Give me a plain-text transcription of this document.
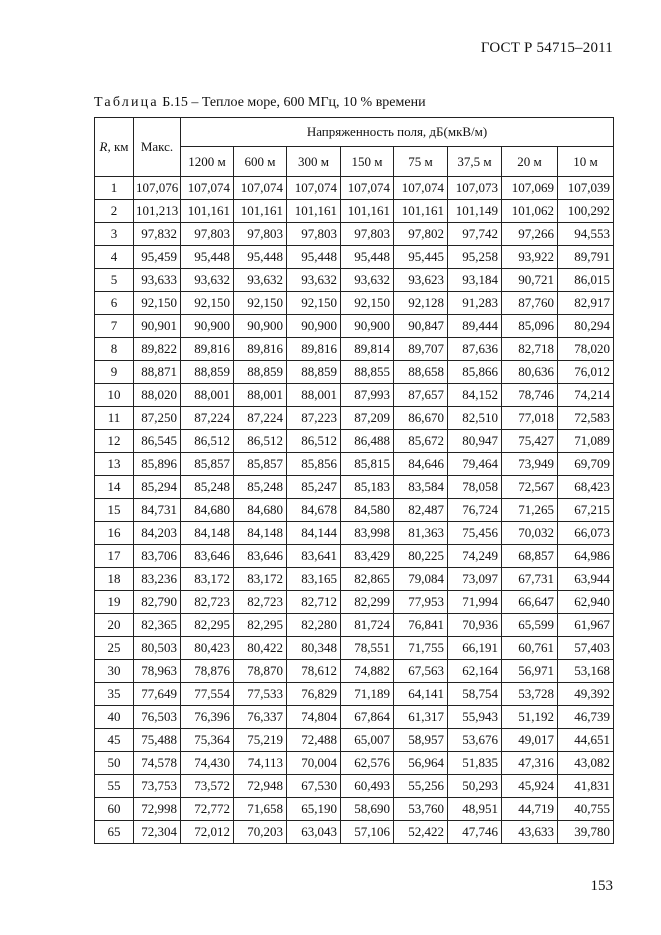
ГОСТ Р 54715–2011
Таблица Б.15 – Теплое море, 600 МГц, 10 % времени
R, км	Макс.	Напряженность поля, дБ(мкВ/м)							
		1200 м	600 м	300 м	150 м	75 м	37,5 м	20 м	10 м
1	107,076	107,074	107,074	107,074	107,074	107,074	107,073	107,069	107,039
2	101,213	101,161	101,161	101,161	101,161	101,161	101,149	101,062	100,292
3	97,832	97,803	97,803	97,803	97,803	97,802	97,742	97,266	94,553
4	95,459	95,448	95,448	95,448	95,448	95,445	95,258	93,922	89,791
5	93,633	93,632	93,632	93,632	93,632	93,623	93,184	90,721	86,015
6	92,150	92,150	92,150	92,150	92,150	92,128	91,283	87,760	82,917
7	90,901	90,900	90,900	90,900	90,900	90,847	89,444	85,096	80,294
8	89,822	89,816	89,816	89,816	89,814	89,707	87,636	82,718	78,020
9	88,871	88,859	88,859	88,859	88,855	88,658	85,866	80,636	76,012
10	88,020	88,001	88,001	88,001	87,993	87,657	84,152	78,746	74,214
11	87,250	87,224	87,224	87,223	87,209	86,670	82,510	77,018	72,583
12	86,545	86,512	86,512	86,512	86,488	85,672	80,947	75,427	71,089
13	85,896	85,857	85,857	85,856	85,815	84,646	79,464	73,949	69,709
14	85,294	85,248	85,248	85,247	85,183	83,584	78,058	72,567	68,423
15	84,731	84,680	84,680	84,678	84,580	82,487	76,724	71,265	67,215
16	84,203	84,148	84,148	84,144	83,998	81,363	75,456	70,032	66,073
17	83,706	83,646	83,646	83,641	83,429	80,225	74,249	68,857	64,986
18	83,236	83,172	83,172	83,165	82,865	79,084	73,097	67,731	63,944
19	82,790	82,723	82,723	82,712	82,299	77,953	71,994	66,647	62,940
20	82,365	82,295	82,295	82,280	81,724	76,841	70,936	65,599	61,967
25	80,503	80,423	80,422	80,348	78,551	71,755	66,191	60,761	57,403
30	78,963	78,876	78,870	78,612	74,882	67,563	62,164	56,971	53,168
35	77,649	77,554	77,533	76,829	71,189	64,141	58,754	53,728	49,392
40	76,503	76,396	76,337	74,804	67,864	61,317	55,943	51,192	46,739
45	75,488	75,364	75,219	72,488	65,007	58,957	53,676	49,017	44,651
50	74,578	74,430	74,113	70,004	62,576	56,964	51,835	47,316	43,082
55	73,753	73,572	72,948	67,530	60,493	55,256	50,293	45,924	41,831
60	72,998	72,772	71,658	65,190	58,690	53,760	48,951	44,719	40,755
65	72,304	72,012	70,203	63,043	57,106	52,422	47,746	43,633	39,780
153
